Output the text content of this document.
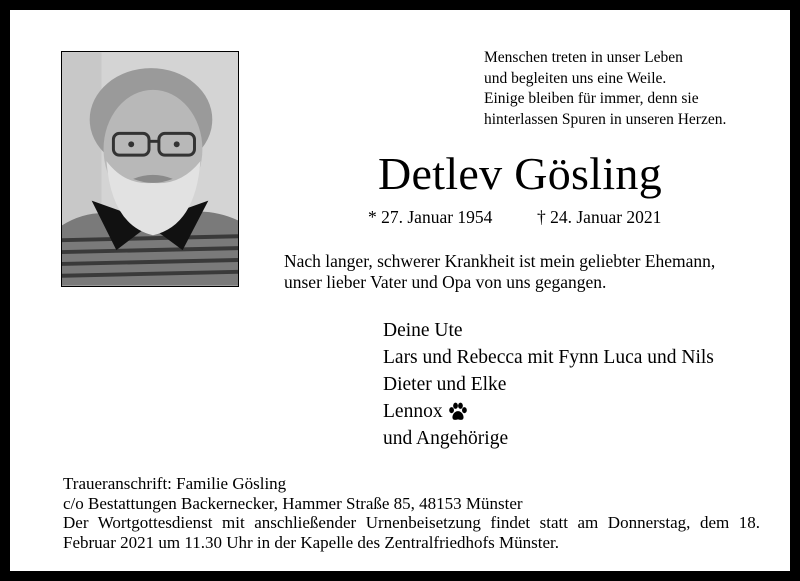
Menschen treten in unser Leben
und begleiten uns eine Weile.
Einige bleiben für immer, denn sie
hinterlassen Spuren in unseren Herzen.
Detlev Gösling
* 27. Januar 1954	† 24. Januar 2021
Nach langer, schwerer Krankheit ist mein geliebter Ehemann,
unser lieber Vater und Opa von uns gegangen.
Deine Ute
Lars und Rebecca mit Fynn Luca und Nils
Dieter und Elke
Lennox
und Angehörige
Traueranschrift: Familie Gösling
c/o Bestattungen Backernecker, Hammer Straße 85, 48153 Münster
Der Wortgottesdienst mit anschließender Urnenbeisetzung findet statt am Donnerstag, dem 18. Februar 2021 um 11.30 Uhr in der Kapelle des Zentralfriedhofs Münster.
